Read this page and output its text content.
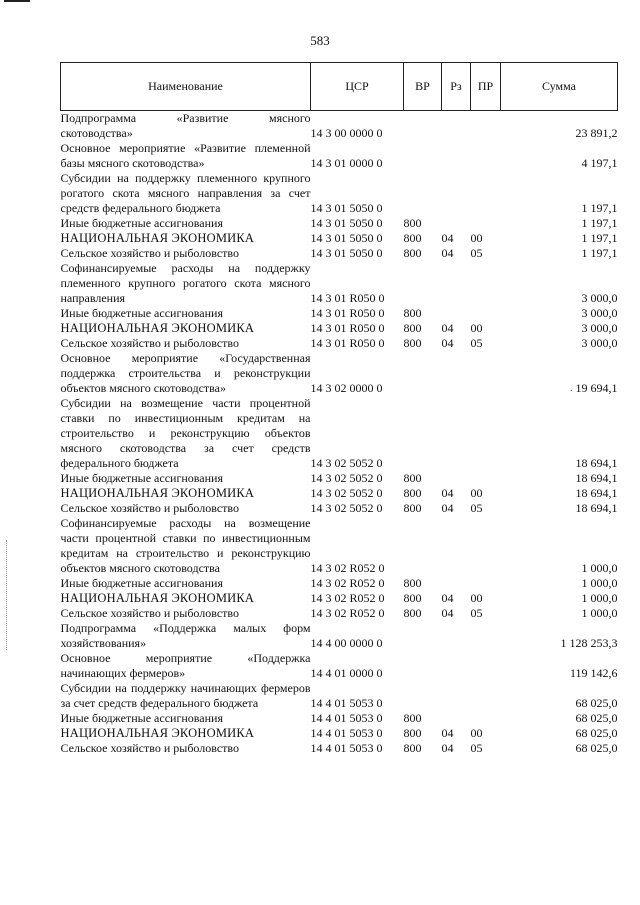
583
.
Наименование	ЦСР	ВР	Рз	ПР	Сумма
Подпрограмма «Развитие мясного скотоводства»	14 3 00 0000 0				23 891,2
Основное мероприятие «Развитие племенной базы мясного скотоводства»	14 3 01 0000 0				4 197,1
Субсидии на поддержку племенного крупного рогатого скота мясного направления за счет средств федерального бюджета	14 3 01 5050 0				1 197,1
Иные бюджетные ассигнования	14 3 01 5050 0	800			1 197,1
НАЦИОНАЛЬНАЯ ЭКОНОМИКА	14 3 01 5050 0	800	04	00	1 197,1
Сельское хозяйство и рыболовство	14 3 01 5050 0	800	04	05	1 197,1
Софинансируемые расходы на поддержку племенного крупного рогатого скота мясного направления	14 3 01 R050 0				3 000,0
Иные бюджетные ассигнования	14 3 01 R050 0	800			3 000,0
НАЦИОНАЛЬНАЯ ЭКОНОМИКА	14 3 01 R050 0	800	04	00	3 000,0
Сельское хозяйство и рыболовство	14 3 01 R050 0	800	04	05	3 000,0
Основное мероприятие «Государственная поддержка строительства и реконструкции объектов мясного скотоводства»	14 3 02 0000 0				19 694,1
Субсидии на возмещение части процентной ставки по инвестиционным кредитам на строительство и реконструкцию объектов мясного скотоводства за счет средств федерального бюджета	14 3 02 5052 0				18 694,1
Иные бюджетные ассигнования	14 3 02 5052 0	800			18 694,1
НАЦИОНАЛЬНАЯ ЭКОНОМИКА	14 3 02 5052 0	800	04	00	18 694,1
Сельское хозяйство и рыболовство	14 3 02 5052 0	800	04	05	18 694,1
Софинансируемые расходы на возмещение части процентной ставки по инвестиционным кредитам на строительство и реконструкцию объектов мясного скотоводства	14 3 02 R052 0				1 000,0
Иные бюджетные ассигнования	14 3 02 R052 0	800			1 000,0
НАЦИОНАЛЬНАЯ ЭКОНОМИКА	14 3 02 R052 0	800	04	00	1 000,0
Сельское хозяйство и рыболовство	14 3 02 R052 0	800	04	05	1 000,0
Подпрограмма «Поддержка малых форм хозяйствования»	14 4 00 0000 0				1 128 253,3
Основное мероприятие «Поддержка начинающих фермеров»	14 4 01 0000 0				119 142,6
Субсидии на поддержку начинающих фермеров за счет средств федерального бюджета	14 4 01 5053 0				68 025,0
Иные бюджетные ассигнования	14 4 01 5053 0	800			68 025,0
НАЦИОНАЛЬНАЯ ЭКОНОМИКА	14 4 01 5053 0	800	04	00	68 025,0
Сельское хозяйство и рыболовство	14 4 01 5053 0	800	04	05	68 025,0
